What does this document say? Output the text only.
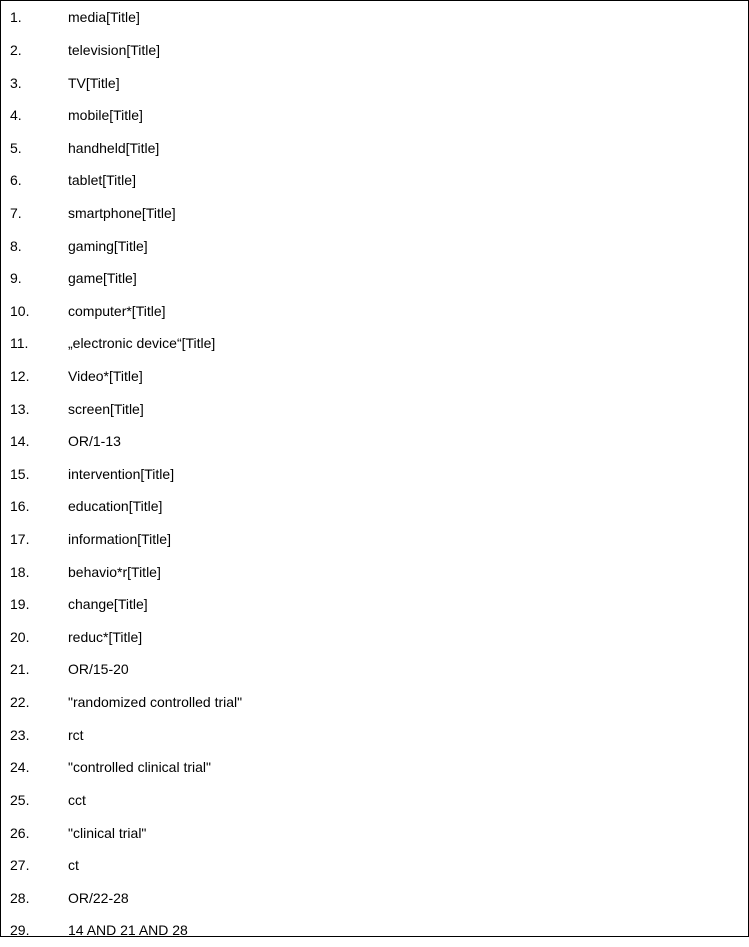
1.	media[Title]
2.	television[Title]
3.	TV[Title]
4.	mobile[Title]
5.	handheld[Title]
6.	tablet[Title]
7.	smartphone[Title]
8.	gaming[Title]
9.	game[Title]
10.	computer*[Title]
11.	„electronic device“[Title]
12.	Video*[Title]
13.	screen[Title]
14.	OR/1-13
15.	intervention[Title]
16.	education[Title]
17.	information[Title]
18.	behavio*r[Title]
19.	change[Title]
20.	reduc*[Title]
21.	OR/15-20
22.	"randomized controlled trial"
23.	rct
24.	"controlled clinical trial"
25.	cct
26.	"clinical trial"
27.	ct
28.	OR/22-28
29.	14 AND 21 AND 28
